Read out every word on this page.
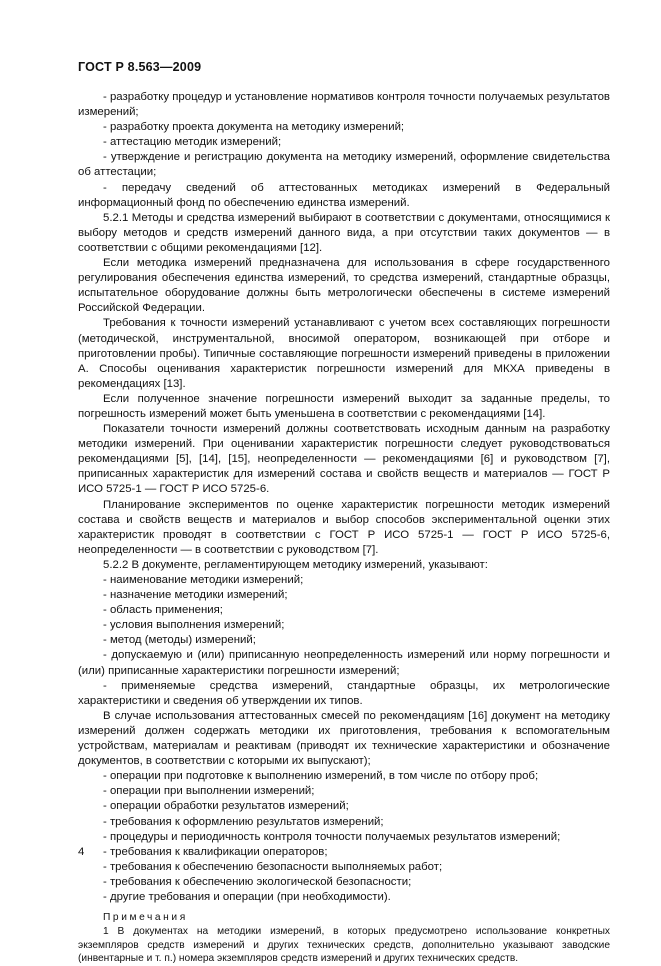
ГОСТ Р 8.563—2009

- разработку процедур и установление нормативов контроля точности получаемых результатов измерений;

- разработку проекта документа на методику измерений;

- аттестацию методик измерений;

- утверждение и регистрацию документа на методику измерений, оформление свидетельства об аттестации;

- передачу сведений об аттестованных методиках измерений в Федеральный информационный фонд по обеспечению единства измерений.

5.2.1 Методы и средства измерений выбирают в соответствии с документами, относящимися к выбору методов и средств измерений данного вида, а при отсутствии таких документов — в соответствии с общими рекомендациями [12].

Если методика измерений предназначена для использования в сфере государственного регулирования обеспечения единства измерений, то средства измерений, стандартные образцы, испытательное оборудование должны быть метрологически обеспечены в системе измерений Российской Федерации.

Требования к точности измерений устанавливают с учетом всех составляющих погрешности (методической, инструментальной, вносимой оператором, возникающей при отборе и приготовлении пробы). Типичные составляющие погрешности измерений приведены в приложении А. Способы оценивания характеристик погрешности измерений для МКХА приведены в рекомендациях [13].

Если полученное значение погрешности измерений выходит за заданные пределы, то погрешность измерений может быть уменьшена в соответствии с рекомендациями [14].

Показатели точности измерений должны соответствовать исходным данным на разработку методики измерений. При оценивании характеристик погрешности следует руководствоваться рекомендациями [5], [14], [15], неопределенности — рекомендациями [6] и руководством [7], приписанных характеристик для измерений состава и свойств веществ и материалов — ГОСТ Р ИСО 5725-1 — ГОСТ Р ИСО 5725-6.

Планирование экспериментов по оценке характеристик погрешности методик измерений состава и свойств веществ и материалов и выбор способов экспериментальной оценки этих характеристик проводят в соответствии с ГОСТ Р ИСО 5725-1 — ГОСТ Р ИСО 5725-6, неопределенности — в соответствии с руководством [7].

5.2.2 В документе, регламентирующем методику измерений, указывают:

- наименование методики измерений;

- назначение методики измерений;

- область применения;

- условия выполнения измерений;

- метод (методы) измерений;

- допускаемую и (или) приписанную неопределенность измерений или норму погрешности и (или) приписанные характеристики погрешности измерений;

- применяемые средства измерений, стандартные образцы, их метрологические характеристики и сведения об утверждении их типов.

В случае использования аттестованных смесей по рекомендациям [16] документ на методику измерений должен содержать методики их приготовления, требования к вспомогательным устройствам, материалам и реактивам (приводят их технические характеристики и обозначение документов, в соответствии с которыми их выпускают);

- операции при подготовке к выполнению измерений, в том числе по отбору проб;

- операции при выполнении измерений;

- операции обработки результатов измерений;

- требования к оформлению результатов измерений;

- процедуры и периодичность контроля точности получаемых результатов измерений;

- требования к квалификации операторов;

- требования к обеспечению безопасности выполняемых работ;

- требования к обеспечению экологической безопасности;

- другие требования и операции (при необходимости).

Примечания

1 В документах на методики измерений, в которых предусмотрено использование конкретных экземпляров средств измерений и других технических средств, дополнительно указывают заводские (инвентарные и т. п.) номера экземпляров средств измерений и других технических средств.

4
